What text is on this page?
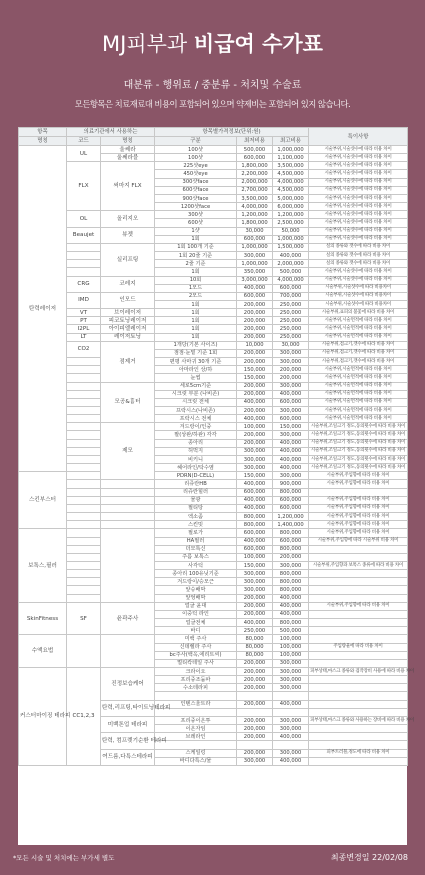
MJ피부과 비급여 수가표
대분류 - 행위료 / 중분류 - 처치및 수술료
모든항목은 치료재료대 비용이 포함되어 있으며 약제비는 포함되어 있지 않습니다.
항목	의료기관에서 사용하는		항목별가격정보(단위:원)			특이사항
명칭	코드	명칭	구분	최저비용	최고비용	
탄력레이저	UL	울쎄라	100샷	500,000	1,000,000	시술부위,시술샷수에 따라 비용 차이
		울쎄라블	100샷	600,000	1,100,000	시술부위,시술샷수에 따라 비용 차이
	FLX	써마지 FLX	225샷eye	1,800,000	3,500,000	시술부위,시술샷수에 따라 비용 차이
			450샷eye	2,200,000	4,500,000	시술부위,시술샷수에 따라 비용 차이
			300샷face	2,000,000	4,000,000	시술부위,시술샷수에 따라 비용 차이
			600샷face	2,700,000	4,500,000	시술부위,시술샷수에 따라 비용 차이
			900샷face	3,500,000	5,000,000	시술부위,시술샷수에 따라 비용 차이
			1200샷face	4,000,000	6,000,000	시술부위,시술샷수에 따라 비용 차이
	OL	올리지오	300샷	1,200,000	1,200,000	시술부위,시술샷수에 따라 비용 차이
			600샷	1,800,000	2,500,000	시술부위,시술샷수에 따라 비용 차이
	Beaujet	뷰젯	1샷	30,000	50,000	시술부위,시술샷수에 따라 비용 차이
			1회	600,000	1,000,000	시술부위,시술샷수에 따라 비용 차이
		실리프팅	1회 100개 기준	1,000,000	1,500,000	실의 종류와 갯수에 따라 비용 차이
			1회 20줄 기준	300,000	400,000	실의 종류와 갯수에 따라 비용 차이
			2줄 기준	1,000,000	2,000,000	실의 종류와 갯수에 따라 비용 차이
			1회	350,000	500,000	시술부위,시술샷수에 따라 비용 차이
	CRG	코레지	10회	3,000,000	4,000,000	시술부위,시술샷수에 따라 비용 차이
			1모드	400,000	600,000	시술부위,시술샷수에 따라 비용차이
	IMD	인모드	2모드	600,000	700,000	시술부위,시술샷수에 따라 비용차이
			1회	200,000	250,000	시술부위,시술샷수에 따라 비용차이
	VT	브이레이저	1회	200,000	250,000	시술부위,표피의 불꽃에 따라 비용 차이
	PT	피코토닝레이저	1회	200,000	250,000	시술부위,시술면적에 따라 비용 차이
	I2PL	아이피엘레이저	1회	200,000	250,000	시술부위,시술면적에 따라 비용 차이
	LT	레이저토닝	1회	200,000	250,000	시술부위,시술면적에 따라 비용 차이
	CO2	점제거	1개당(기본 사이즈)	10,000	30,000	시술부위,점크기,갯수에 따라 비용 차이
			점점·눈밑 기준 1회	200,000	300,000	시술부위,점크기,갯수에 따라 비용 차이
			편평 사마귀 30개 기준	200,000	300,000	시술부위,점크기,갯수에 따라 비용 차이
			아마라인 상/하	150,000	200,000	시술부위,시술면적에 따라 비용 차이
			눈썹	150,000	200,000	시술부위,시술면적에 따라 비용 차이
		모공&흉터	세로5cm기준	200,000	300,000	시술부위,시술면적에 따라 비용 차이
			시크릿 부분 (나비존)	200,000	400,000	시술부위,시술면적에 따라 비용 차이
			시크릿 전체	400,000	600,000	시술부위,시술면적에 따라 비용 차이
			프락시스(나비존)	200,000	300,000	시술부위,시술면적에 따라 비용 차이
			프락시스 전체	400,000	600,000	시술부위,시술면적에 따라 비용 차이
		제모	겨드랑이/인중	100,000	150,000	시술부위,조일크기 정도,동의횟수에 따라 비용 차이
			팔(상완/하완) 각각	200,000	300,000	시술부위,조일크기 정도,동의횟수에 따라 비용 차이
			종아리	200,000	400,000	시술부위,조일크기 정도,동의횟수에 따라 비용 차이
			허벅지	300,000	400,000	시술부위,조일크기 정도,동의횟수에 따라 비용 차이
			비키니	300,000	400,000	시술부위,조일크기 정도,동의횟수에 따라 비용 차이
			헤어라인/탁수염	300,000	400,000	시술부위,조일크기 정도,동의횟수에 따라 비용 차이
스킨부스터			PDRN(D-CELL)	150,000	300,000	시술부위,주입향에 따라 비용 차이
			리쥬란HB	400,000	900,000	시술부위,주입향에 따라 비용 차이
			리쥬란힐러	600,000	800,000	
			물광	400,000	600,000	시술부위,주입향에 따라 비용 차이
			필티탕	400,000	600,000	시술부위,주입향에 따라 비용 차이
			엑소좀	800,000	1,200,000	시술부위,주입향에 따라 비용 차이
			스킨밋	800,000	1,400,000	시술부위,주입향에 따라 비용 차이
보톡스,필러			필로가	600,000	800,000	시술부위,주입향에 따라 비용 차이
			HA필러	400,000	600,000	시술부위,주입향에 따라 시술부위 비용 차이
			더모톡신	600,000	800,000	
			주름 보톡스	100,000	200,000	
			사각턱	150,000	300,000	시술부위,주입향과 보톡스 종류에 따라 비용 차이
			종아리 100유닛기준	300,000	800,000	
			겨드랑이/승모근	300,000	800,000	
			앞승배막	300,000	800,000	
			앞엉배막	200,000	400,000	
SkinFitness	SF	윤곽주사	얼굴 윤대	200,000	400,000	시술부위,주입향에 따라 비용 차이
			이중턱 라인	200,000	400,000	
			얼굴전체	400,000	800,000	
			바디	250,000	500,000	
수액요법			미백 주사	80,000	100,000	
			신데렐라 주사	80,000	100,000	주입량율에 따라 비용 차이
			bc주사(백옥,에리트씨)	80,000	100,000	
			멀티칵테일 주사	200,000	300,000	
커스터마이징 테라피	CC1,2,3	진정보습케어	크라이오	200,000	300,000	피부상태,마스크 종류와 겸작장비 사용에 따라 비용 차이
			프리중조듐파	200,000	300,000	
			수소테라피	200,000	300,000	

		탄력,리프팅,타이트닝테라피	인텐스울트라	200,000	400,000	

		미백톤업 테라피	프리중이온투	200,000	300,000	피부상태,마스크 종류와 사용하는 장비에 따라 비용 차이
			이온자임	200,000	300,000	
		탄력, 컴프렛기순환 테라피	브레라인	200,000	400,000	

		여드름,다특스테라피	스케일링	200,000	300,000	피부트러블,정도에 따라 비용 차이
			바디다특스/물	300,000	400,000	
*모든 시술 및 처치에는 부가세 별도	최종변경일 22/02/08
